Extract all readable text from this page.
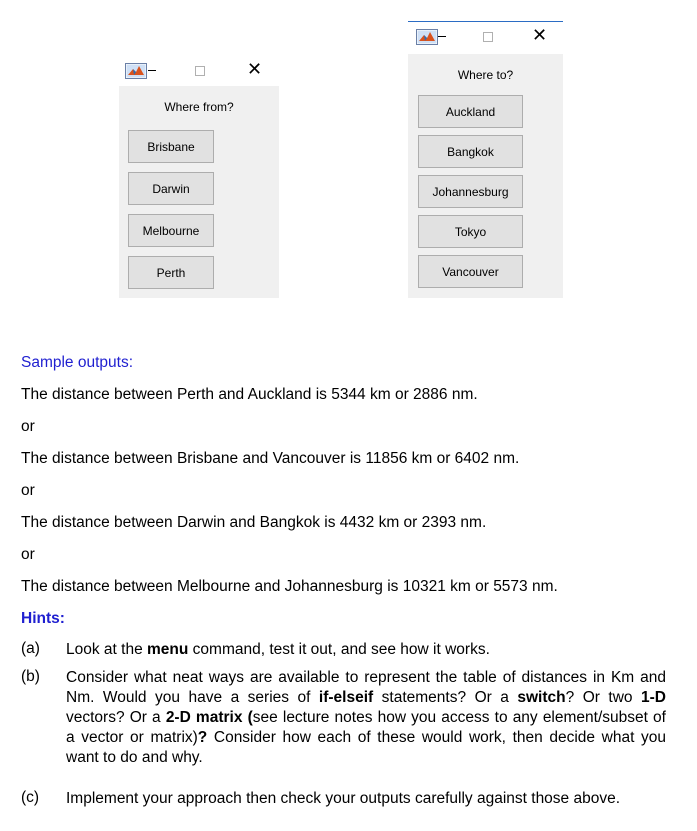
✕
Where from?
Brisbane
Darwin
Melbourne
Perth
✕
Where to?
Auckland
Bangkok
Johannesburg
Tokyo
Vancouver
Sample outputs:
The distance between Perth and Auckland is 5344 km or 2886 nm.
or
The distance between Brisbane and Vancouver is 11856 km or 6402 nm.
or
The distance between Darwin and Bangkok is 4432 km or 2393 nm.
or
The distance between Melbourne and Johannesburg is 10321 km or 5573 nm.
Hints:
(a) Look at the menu command, test it out, and see how it works.
(b) Consider what neat ways are available to represent the table of distances in Km and Nm. Would you have a series of if-elseif statements? Or a switch? Or two 1-D vectors? Or a 2-D matrix (see lecture notes how you access to any element/subset of a vector or matrix)? Consider how each of these would work, then decide what you want to do and why.
(c) Implement your approach then check your outputs carefully against those above.
